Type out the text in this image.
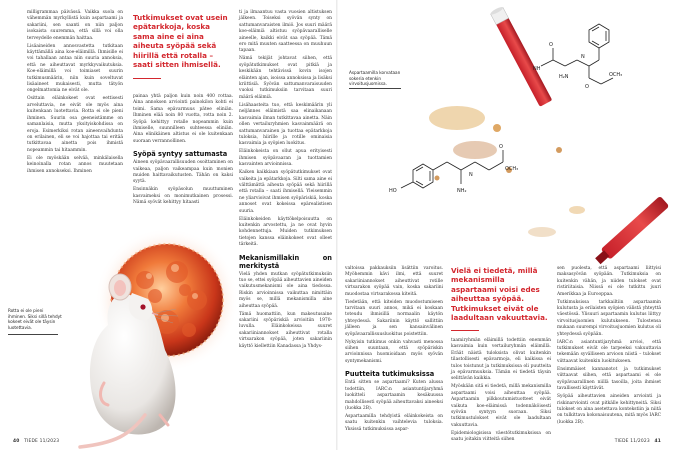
milligrammaa päivässä. Vaikka suola on vähemmän myrkyllistä kuin aspartaami ja sakariini, sen saanti on niin paljon isokaista suuremma, että sillä voi olla terveydelle enemmän haittaa.

Lisäaineiden annosvastetta tutkitaan käyttämällä aina koe-eläimillä. Ihmisille ei voi tahallaan antaa niin suuria annoksia, että ne aiheuttavat myrkkyvaikutuksia. Koe-eläimillä voi toimiaset suurin tutkimusmäärin, niin kuin soveltuvat lisäaineet mukaisesti, mutta tätyön ongelmattomia ne eivät ole.

Osittain eläinkokeet ovat eettisesti arveluttavia, ne eivät ole myös aina kuitenkaan luotettavia. Rotta ei ole pieni ihminen. Suurin osa geeneistämme on samanlaisia, mutta yksityiskohdissa on eroja. Esimerkiksi rotan aineenvaihdunta on erilainen, eli se voi hajottaa tai eritää tutkittavaa ainetta pois ihmistä nopeammin tai hitaammin.

Ei ole myöskään selvää, minkälaisella keinoinalla rotan annos muutetaan ihmisen annokseksi. Ihminen

Tutkimukset ovat usein epätarkkoja, koska sama aine ei aina aiheuta syöpää sekä hiirillä että rotalla – saati sitten ihmisellä.

painaa yhtä paljon kuin noin 400 rottaa. Aina annoksen arviointi painokilon kohti ei toimi. Sama epävarmuus pätee eliniän. Ihminen elää noin 80 vuotta, rotta noin 2. Syöpä kehittyy rotalle nopeammin kuin ihmiselle, suunnilleen suhteessa eliniän. Aina elinikäinen altistus ei ole kuitenkaan suoraan verrannollinen.

Syöpä syntyy sattumasta

Aineen syöpävaarallisuuden osoittaminen on vaikeaa, paljon vaikeampaa kuin monien muiden haittavaikutusten. Tähän on kaksi syytä.

Ensinnäkin syöpäsolun muuttuminen kasvaimeksi on monimutkainen prosessi. Nämä syövät kehittyy hitaasti

ti ja ilmaantuu vasta vuosien altistuksen jälkeen. Toiseksi syövän synty on sattumanvaraisten ilmiö. Jos suuri määrä koe-eläimiä altistuu syöpävaaralliselle aineelle, kaikki eivät saa syöpää. Tämä ero mitä muuten saatteessa on muuhuun tapaan.

Nämä tekijät johtavat siihen, että syöpätutkimukset ovat pitkiä ja keskikään tehtävissä kovin isojen eläinten ajan, isoissa annoksissa ja lisäksi kriittisiä. Syövän sattumanvaraisuuden vuoksi tutkimuksiin tarvitaan suuri määrä eläimiä.

Lisähaasteita tuo, että keskimäärin yli neljännes eläimistä saa elinaikanaan kasvaimia ilman tutkittavaa ainetta. Näin ollen vertailuryhmien kasvainmäärä on sattumanvarainen ja tuottaa epätarkkoja tuloksia, hiirille ja rotille ominaisia kasvaimia ja syöpien luokitus.

Eläinkokeista on ollut apua erityisesti ihmisen syöpävaaran ja tuottamien kasvainten arvioinnissa.

Kaiken kaikkiaan syöpätutkimukset ovat vaikeita ja epätarkkoja. Silti sama aine ei välttämättä aiheuta syöpää sekä hiirillä että rotalla – saati ihmisellä. Yleisemmin ne yliarvioivat ihmisen syöpäriskiä, koska annoset ovat kokeissa epärealistisen suuria.

Eläinkokeiden käyttökelpoisuutta on kuitenkin arvostettu, ja ne ovat hyvin kohdennettuja. Muiden tutkimuksen tietojen kanssa eläinkokeet ovat olleet tärkeitä.

Mekanismillakin on merkitystä

Vielä yhden mutkan syöpätutkimuksiin tuo se, ettei syöpää aiheuttavien aineiden vaikutusmekanismi ole aina tiedossa. Riskin arvioinnissa vaikuttaa nimittäin myös se, millä mekanismilla aine aiheuttaa syöpää.

Tämä huomattiin, kun makeutusaine sakariini syöpäriskiä arvioitiin 1970-luvulla. Eläinkokeissa suuret sakariiniannokset aiheuttivat rotalla virtsarakon syöpää, joten sakariinin käyttö kiellettiin Kanadassa ja Yhdys-

Rotta ei ole pieni ihminen. Siksi sillä tehdyt kokeet eivät ole täysin luotettavia.
40 TIEDE 11/2023
O
NH
H₂N
O
OCH₃
N
HO	NH₂
O
OCH₃
N
Aspartaamilla korvataan sokeria etenkin virvoitusjuomissa.

valtoissa pakkauksiin lisättiin varoitus. Myöhemmin kävi ilmi, että suuret sakariiniannokset aiheuttivat rotille virtsarakon syöpää vain, koska sakariini muodostaa virtsarakossa kiteitä.

Tiedetään, että kiteiden muodostumiseen tarvitaan suuri annos, mikä ei koskaan toteudu ihmisillä normaalin käytön yhteydessä. Sakariinin käyttö sallittiin jälleen ja sen kansainvälinen syöpävaarallisuusluokitus poistettiin.

Nykyisin tutkimus onkin vahvasti menossa siihen suuntaan, että syöpäriskin arvioinnissa huomioidaan myös syövän syntymekanismi.

Puutteita tutkimuksissa

Entä sitten se aspartaami? Kuten alussa todettiin, IARC:n asiantuntijaryhmä luokitteli aspartaamin kesäkuussa mahdollisesti syöpää aiheuttavaksi aineeksi (luokka 2B).

Aspartaamilla tehdyistä eläinkokeista on saatu kuitenkin vaihtelevia tuloksia. Yksissä tutkimuksissa aspar-

Vielä ei tiedetä, millä mekanismilla aspartaami voisi edes aiheuttaa syöpää. Tutkimukset eivät ole laadultaan vakuuttavia.

taamiryhmän eläimillä todettiin enemmän kasvaimia kuin vertailuryhmän eläimillä. Eräät näistä tuloksista olivat kuitenkin tilastollisesti epävarmoja, eli kaikissa ei tulos toistunut ja tutkimuksissa oli puutteita ja epävarmuuksia. Tämän ei tiedetä täysin selittävän kaikkia.

Myöskään sitä ei tiedetä, millä mekanismilla aspartaami voisi aiheuttaa syöpää. Aspartaamin pilkkoutumistuotteet eivät vaikuta koe-eläimissä todennäköisesti syövän syntyyn suoraan. Siksi tutkimustulokset eivät ole laadultaan vakuuttavia.

Epidemiologisissa väestötutkimuksissa on saatu joitakin viitteitä siihen

sen puolesta, että aspartaami liittyisi maksasyövän syöpään. Tutkimuksia on kuitenkin vähän, ja niiden tulokset ovat ristiriitaisia. Niissä ei ole tutkittu juuri Amerikkaa ja Eurooppaa.

Tutkimuksissa tarkkailtiin aspartaamin kulutusta ja erilaisten syöpien välistä yhteyttä väestössä. Ylisuuri aspartaamin kulutus liittyy virvoitusjuomien kulutukseen. Tulostensa mukaan suurempi virvoitusjuomien kulutus oli yhteydessä syöpään.

IARC:n asiantuntijaryhmä arvioi, että tutkimukset eivät ole tarpeeksi vakuuttavia tekemään syvälliseen arvioon niistä – tulokset viittaavat kuitenkin luokitukseen.

Ensimmäiset kannanotot ja tutkimukset viittaavat siihen, että aspartaami ei ole syöpävaarallinen niillä tasoilla, joita ihmiset tavallisesti käyttävät.

Syöpää aiheuttavien aineiden arviointi ja riskinarviointi ovat pitkälle kehittyneitä. Siksi tulokset on aina asetettava kontekstiin ja niitä on tulkittava kokonaisuutena, mitä myös IARC (luokka 2B).

TIEDE 11/2023 41
